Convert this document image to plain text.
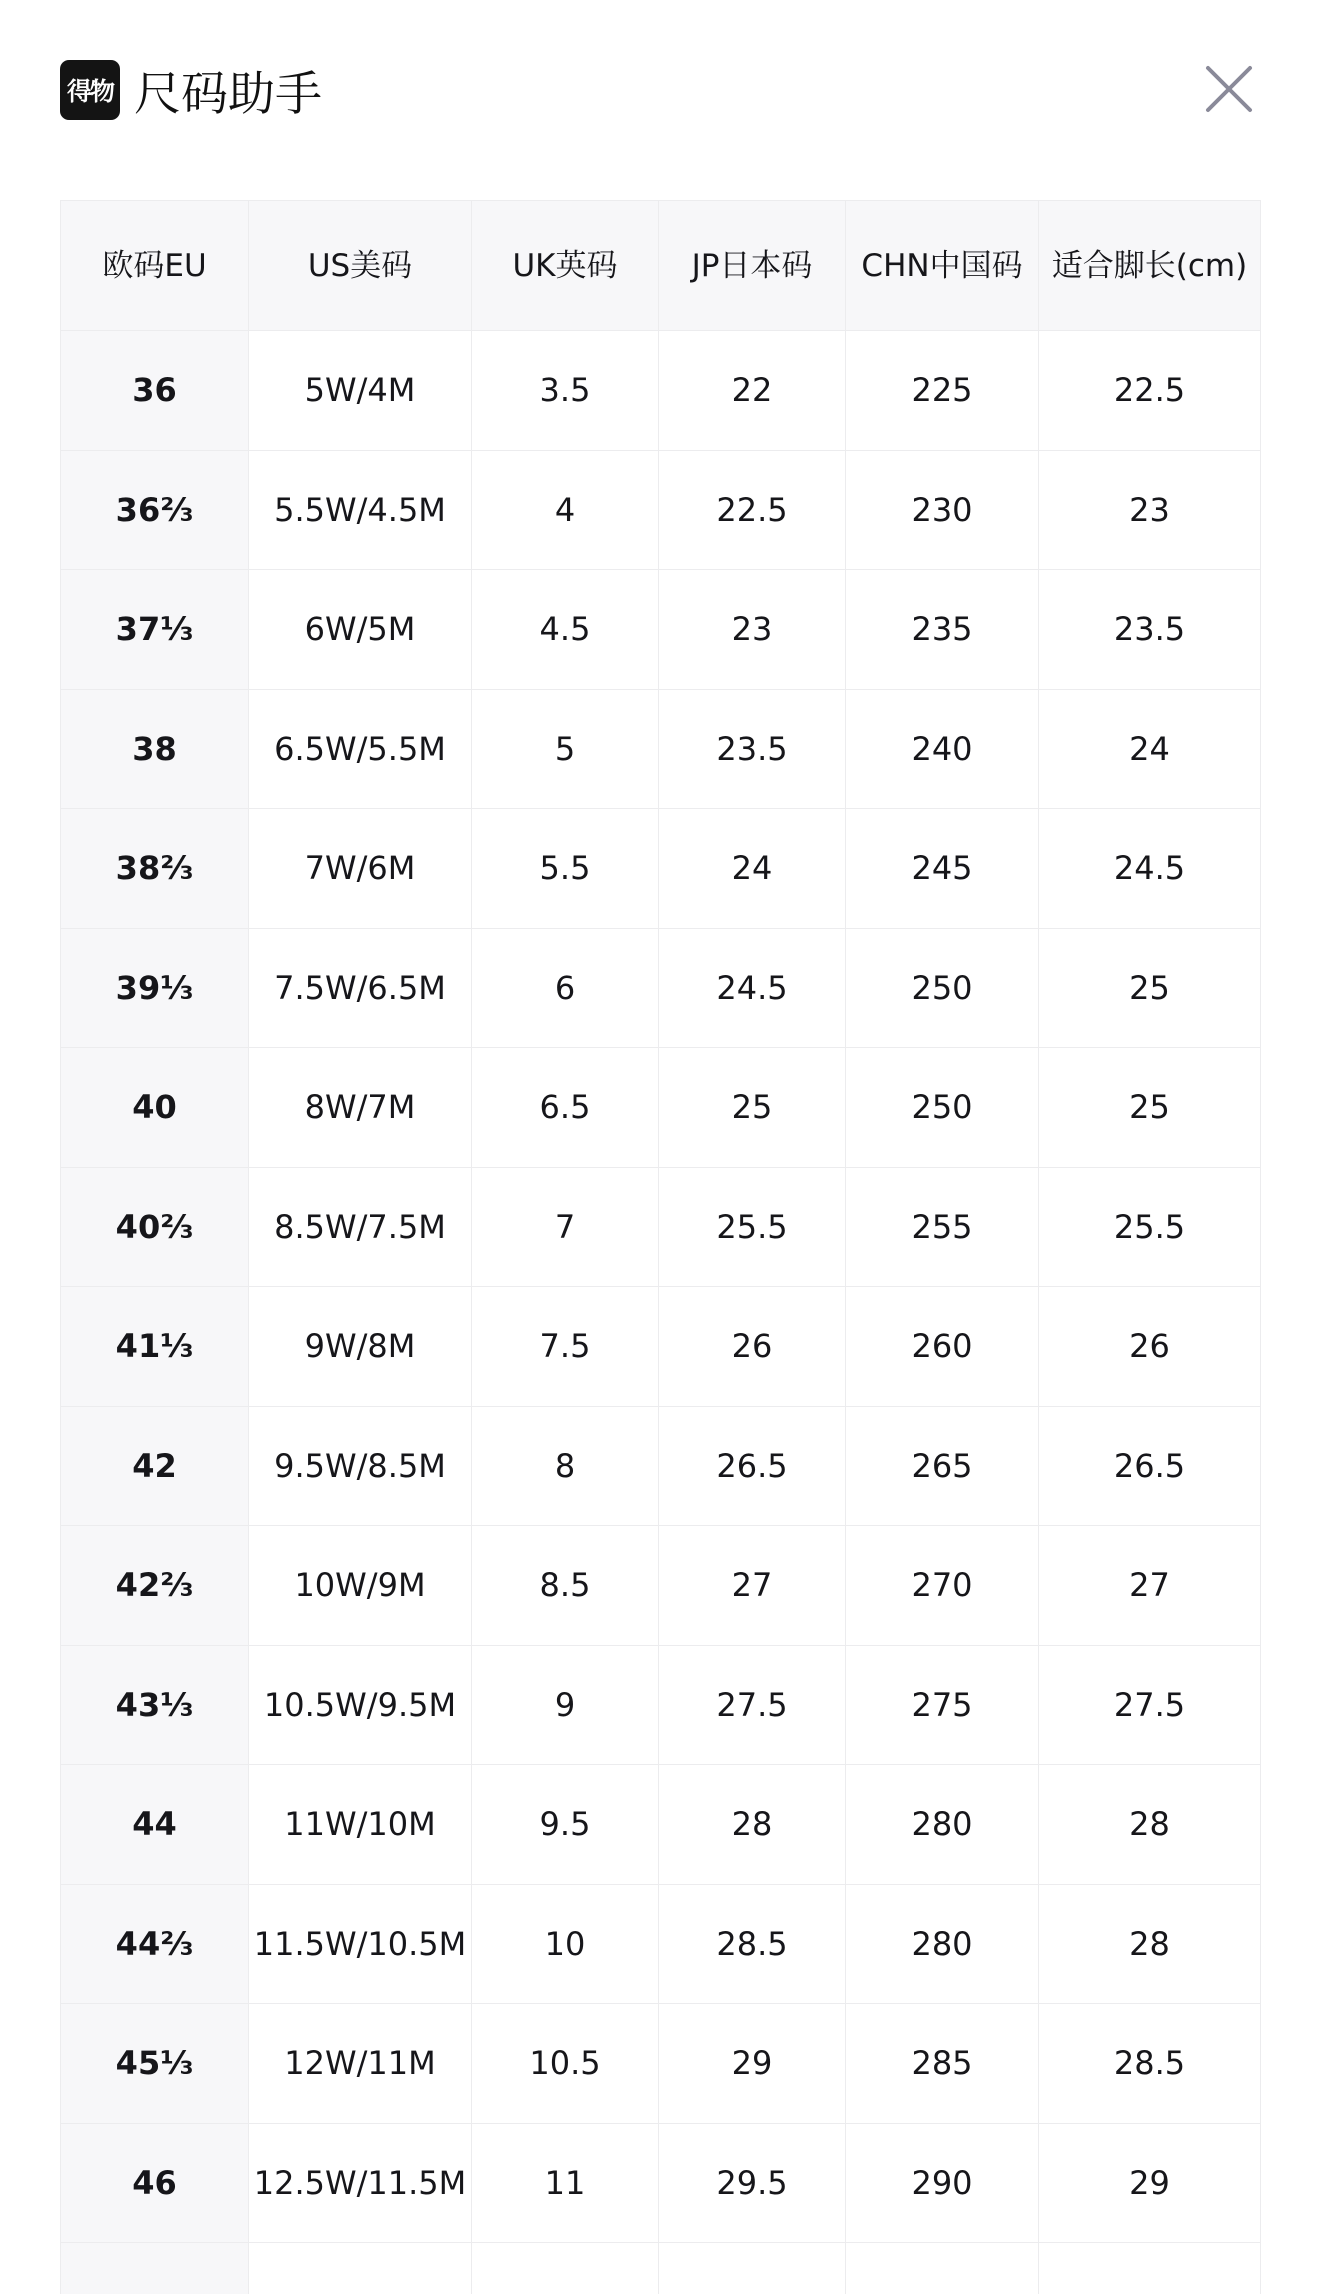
得物 尺码助手
欧码EU	US美码	UK英码	JP日本码	CHN中国码	适合脚长(cm)
36	5W/4M	3.5	22	225	22.5
36⅔	5.5W/4.5M	4	22.5	230	23
37⅓	6W/5M	4.5	23	235	23.5
38	6.5W/5.5M	5	23.5	240	24
38⅔	7W/6M	5.5	24	245	24.5
39⅓	7.5W/6.5M	6	24.5	250	25
40	8W/7M	6.5	25	250	25
40⅔	8.5W/7.5M	7	25.5	255	25.5
41⅓	9W/8M	7.5	26	260	26
42	9.5W/8.5M	8	26.5	265	26.5
42⅔	10W/9M	8.5	27	270	27
43⅓	10.5W/9.5M	9	27.5	275	27.5
44	11W/10M	9.5	28	280	28
44⅔	11.5W/10.5M	10	28.5	280	28
45⅓	12W/11M	10.5	29	285	28.5
46	12.5W/11.5M	11	29.5	290	29
